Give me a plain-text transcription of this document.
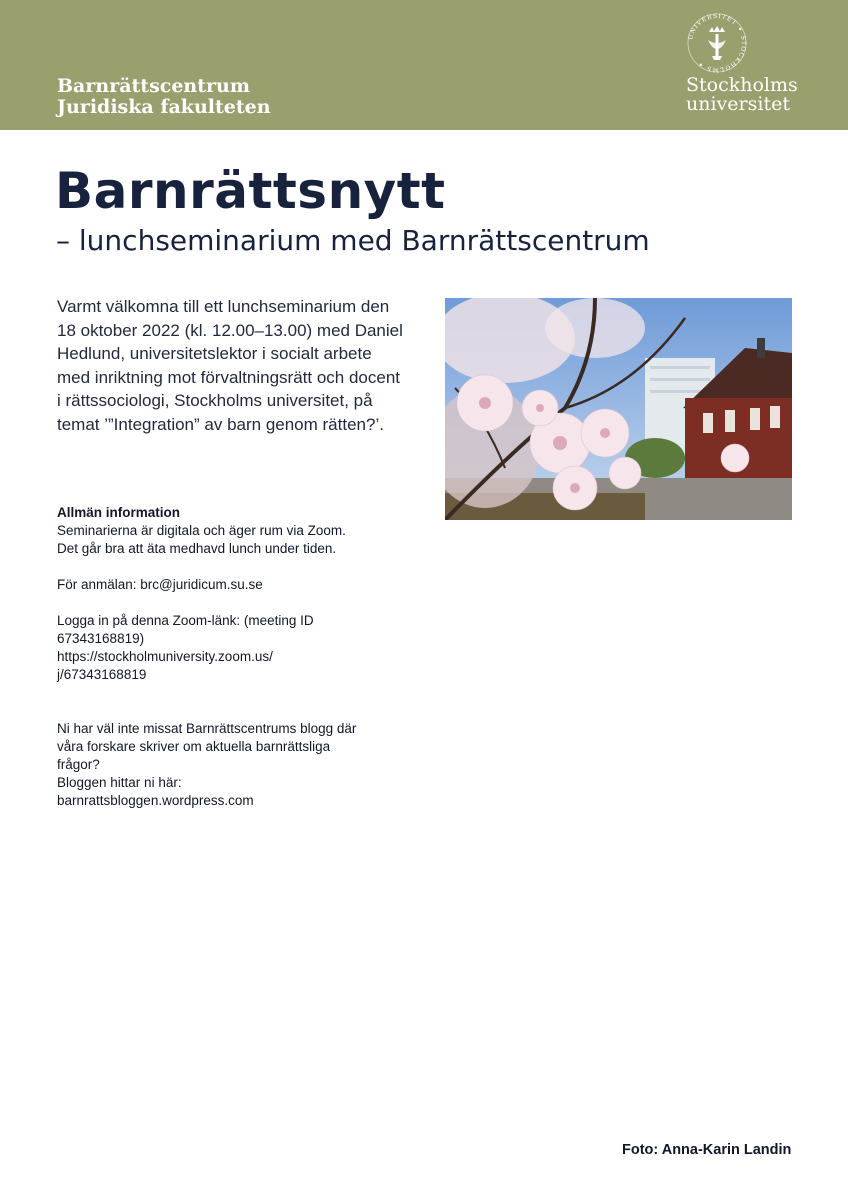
Barnrättscentrum
Juridiska fakulteten
UNIVERSITET ✦ STOCKHOLMS ✦
Stockholms
universitet
Barnrättsnytt
– lunchseminarium med Barnrättscentrum
Varmt välkomna till ett lunchseminarium den 18 oktober 2022 (kl. 12.00–13.00) med Daniel Hedlund, universitetslektor i socialt arbete med inriktning mot förvaltningsrätt och docent i rättssociologi, Stockholms universitet, på temat ’”Integration” av barn genom rätten?’.

Allmän information

Seminarierna är digitala och äger rum via Zoom.

Det går bra att äta medhavd lunch under tiden.

För anmälan: brc@juridicum.su.se

Logga in på denna Zoom-länk: (meeting ID

67343168819)

https://stockholmuniversity.zoom.us/

j/67343168819

Ni har väl inte missat Barnrättscentrums blogg där

våra forskare skriver om aktuella barnrättsliga

frågor?

Bloggen hittar ni här:

barnrattsbloggen.wordpress.com

Foto: Anna-Karin Landin
